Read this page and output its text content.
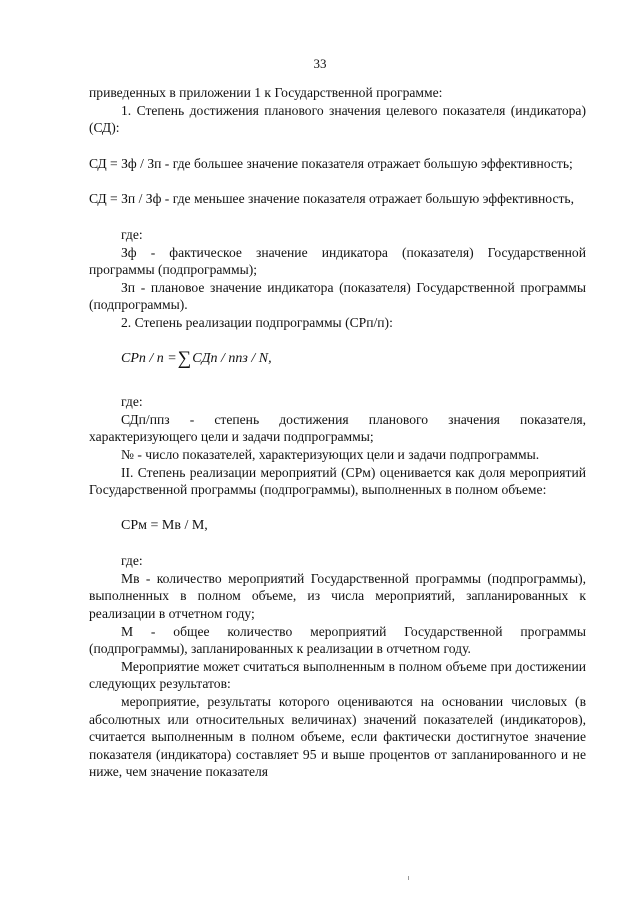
33

приведенных в приложении 1 к Государственной программе:

1. Степень достижения планового значения целевого показателя (индикатора) (СД):

СД = Зф / Зп - где большее значение показателя отражает большую эффективность;

СД = Зп / Зф - где меньшее значение показателя отражает большую эффективность,

где:

Зф - фактическое значение индикатора (показателя) Государственной программы (подпрограммы);

Зп - плановое значение индикатора (показателя) Государственной программы (подпрограммы).

2. Степень реализации подпрограммы (СРп/п):

СРп / п =∑СДп / ппз / N,

где:

СДп/ппз - степень достижения планового значения показателя, характеризующего цели и задачи подпрограммы;

№ - число показателей, характеризующих цели и задачи подпрограммы.

II. Степень реализации мероприятий (СРм) оценивается как доля мероприятий Государственной программы (подпрограммы), выполненных в полном объеме:

СРм = Мв / М,

где:

Мв - количество мероприятий Государственной программы (подпрограммы), выполненных в полном объеме, из числа мероприятий, запланированных к реализации в отчетном году;

М - общее количество мероприятий Государственной программы (подпрограммы), запланированных к реализации в отчетном году.

Мероприятие может считаться выполненным в полном объеме при достижении следующих результатов:

мероприятие, результаты которого оцениваются на основании числовых (в абсолютных или относительных величинах) значений показателей (индикаторов), считается выполненным в полном объеме, если фактически достигнутое значение показателя (индикатора) составляет 95 и выше процентов от запланированного и не ниже, чем значение показателя
